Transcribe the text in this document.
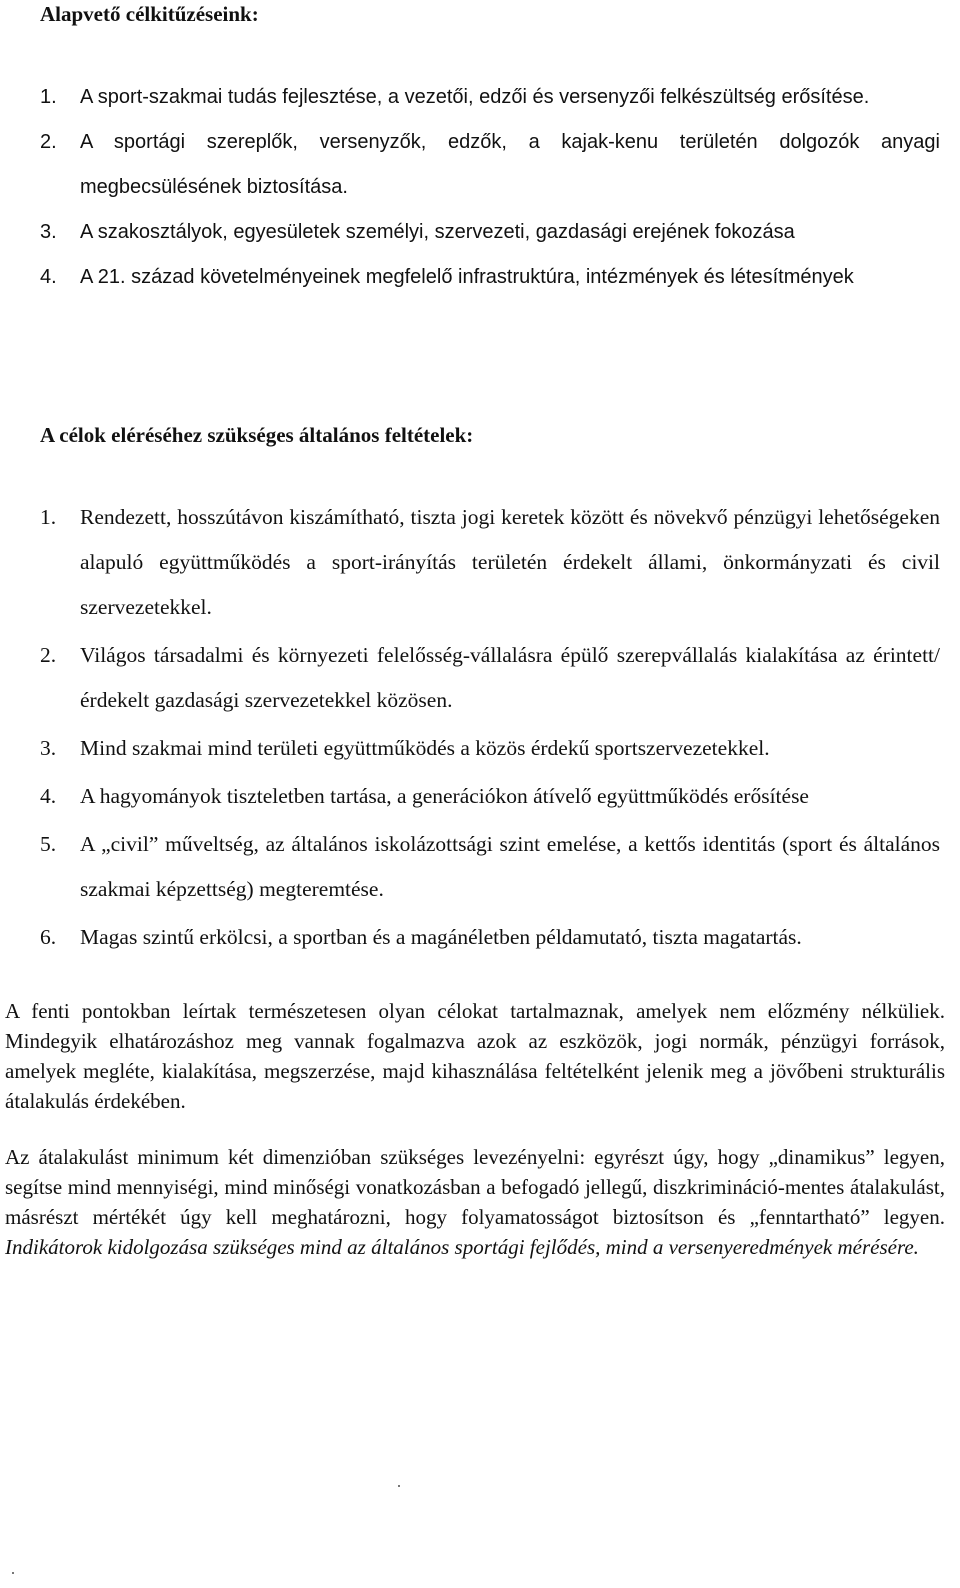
Alapvető célkitűzéseink:
1. A sport-szakmai tudás fejlesztése, a vezetői, edzői és versenyzői felkészültség erősítése.
2. A sportági szereplők, versenyzők, edzők, a kajak-kenu területén dolgozók anyagi megbecsülésének biztosítása.
3. A szakosztályok, egyesületek személyi, szervezeti, gazdasági erejének fokozása
4. A 21. század követelményeinek megfelelő infrastruktúra, intézmények és létesítmények
A célok eléréséhez szükséges általános feltételek:
1. Rendezett, hosszútávon kiszámítható, tiszta jogi keretek között és növekvő pénzügyi lehetőségeken alapuló együttműködés a sport-irányítás területén érdekelt állami, önkormányzati és civil szervezetekkel.
2. Világos társadalmi és környezeti felelősség-vállalásra épülő szerepvállalás kialakítása az érintett/érdekelt gazdasági szervezetekkel közösen.
3. Mind szakmai mind területi együttműködés a közös érdekű sportszervezetekkel.
4. A hagyományok tiszteletben tartása, a generációkon átívelő együttműködés erősítése
5. A „civil” műveltség, az általános iskolázottsági szint emelése, a kettős identitás (sport és általános szakmai képzettség) megteremtése.
6. Magas szintű erkölcsi, a sportban és a magánéletben példamutató, tiszta magatartás.

A fenti pontokban leírtak természetesen olyan célokat tartalmaznak, amelyek nem előzmény nélküliek. Mindegyik elhatározáshoz meg vannak fogalmazva azok az eszközök, jogi normák, pénzügyi források, amelyek megléte, kialakítása, megszerzése, majd kihasználása feltételként jelenik meg a jövőbeni strukturális átalakulás érdekében.

Az átalakulást minimum két dimenzióban szükséges levezényelni: egyrészt úgy, hogy „dinamikus” legyen, segítse mind mennyiségi, mind minőségi vonatkozásban a befogadó jellegű, diszkrimináció-mentes átalakulást, másrészt mértékét úgy kell meghatározni, hogy folyamatosságot biztosítson és „fenntartható” legyen. Indikátorok kidolgozása szükséges mind az általános sportági fejlődés, mind a versenyeredmények mérésére.
